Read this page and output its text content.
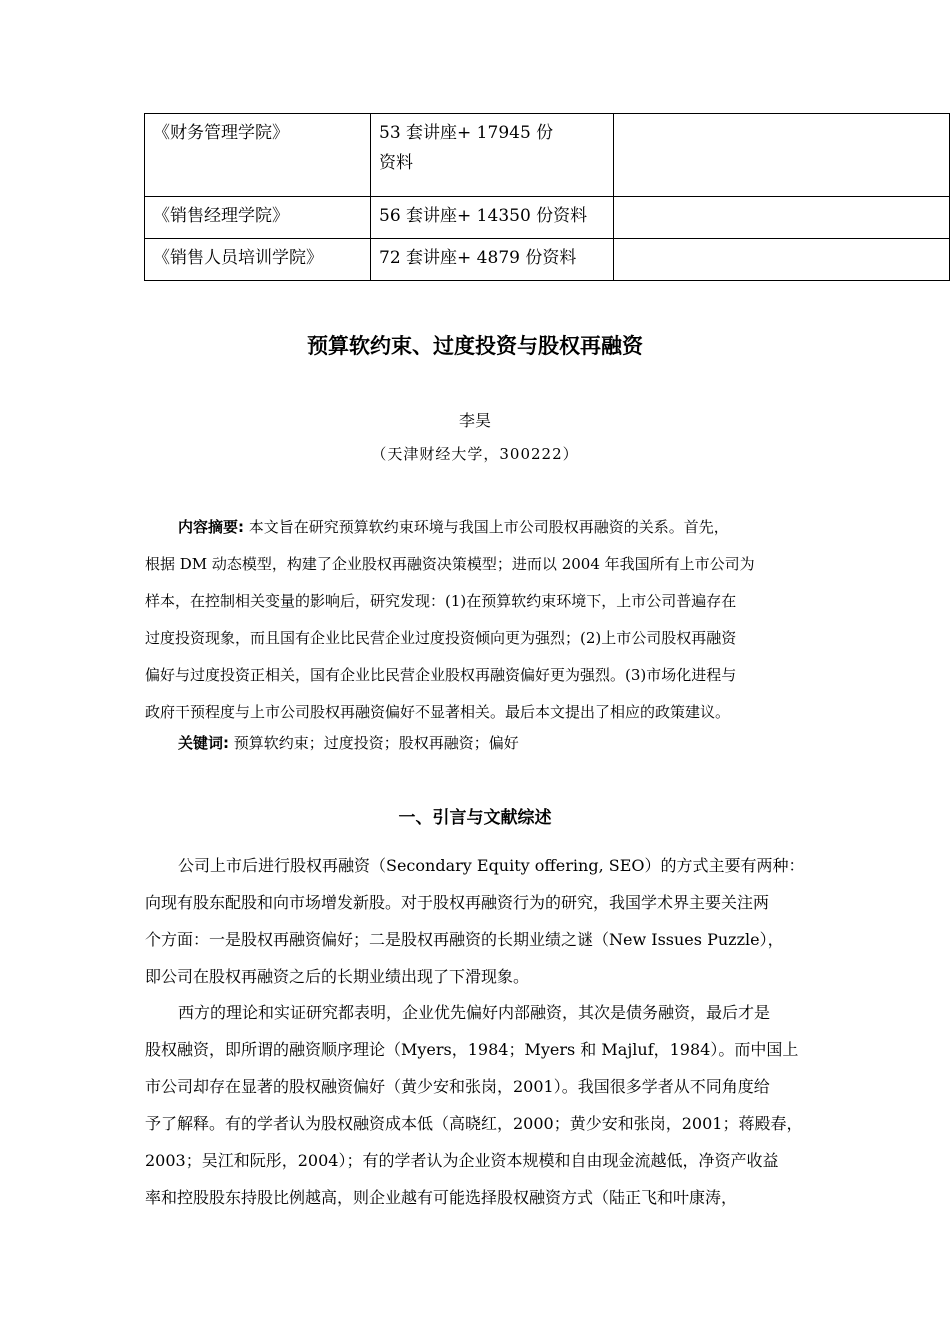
《财务管理学院》	53 套讲座+ 17945 份资料	
《销售经理学院》	56 套讲座+ 14350 份资料	
《销售人员培训学院》	72 套讲座+ 4879 份资料	
预算软约束、过度投资与股权再融资
李昊
（天津财经大学，300222）
内容摘要: 本文旨在研究预算软约束环境与我国上市公司股权再融资的关系。首先，
根据 DM 动态模型，构建了企业股权再融资决策模型；进而以 2004 年我国所有上市公司为
样本，在控制相关变量的影响后，研究发现：(1)在预算软约束环境下，上市公司普遍存在
过度投资现象，而且国有企业比民营企业过度投资倾向更为强烈；(2)上市公司股权再融资
偏好与过度投资正相关，国有企业比民营企业股权再融资偏好更为强烈。(3)市场化进程与
政府干预程度与上市公司股权再融资偏好不显著相关。最后本文提出了相应的政策建议。
关键词: 预算软约束；过度投资；股权再融资；偏好
一、引言与文献综述
公司上市后进行股权再融资（Secondary Equity offering, SEO）的方式主要有两种：
向现有股东配股和向市场增发新股。对于股权再融资行为的研究，我国学术界主要关注两
个方面：一是股权再融资偏好；二是股权再融资的长期业绩之谜（New Issues Puzzle），
即公司在股权再融资之后的长期业绩出现了下滑现象。
西方的理论和实证研究都表明，企业优先偏好内部融资，其次是债务融资，最后才是
股权融资，即所谓的融资顺序理论（Myers，1984；Myers 和 Majluf，1984）。而中国上
市公司却存在显著的股权融资偏好（黄少安和张岗，2001）。我国很多学者从不同角度给
予了解释。有的学者认为股权融资成本低（高晓红，2000；黄少安和张岗，2001；蒋殿春，
2003；吴江和阮彤，2004）；有的学者认为企业资本规模和自由现金流越低，净资产收益
率和控股股东持股比例越高，则企业越有可能选择股权融资方式（陆正飞和叶康涛，
